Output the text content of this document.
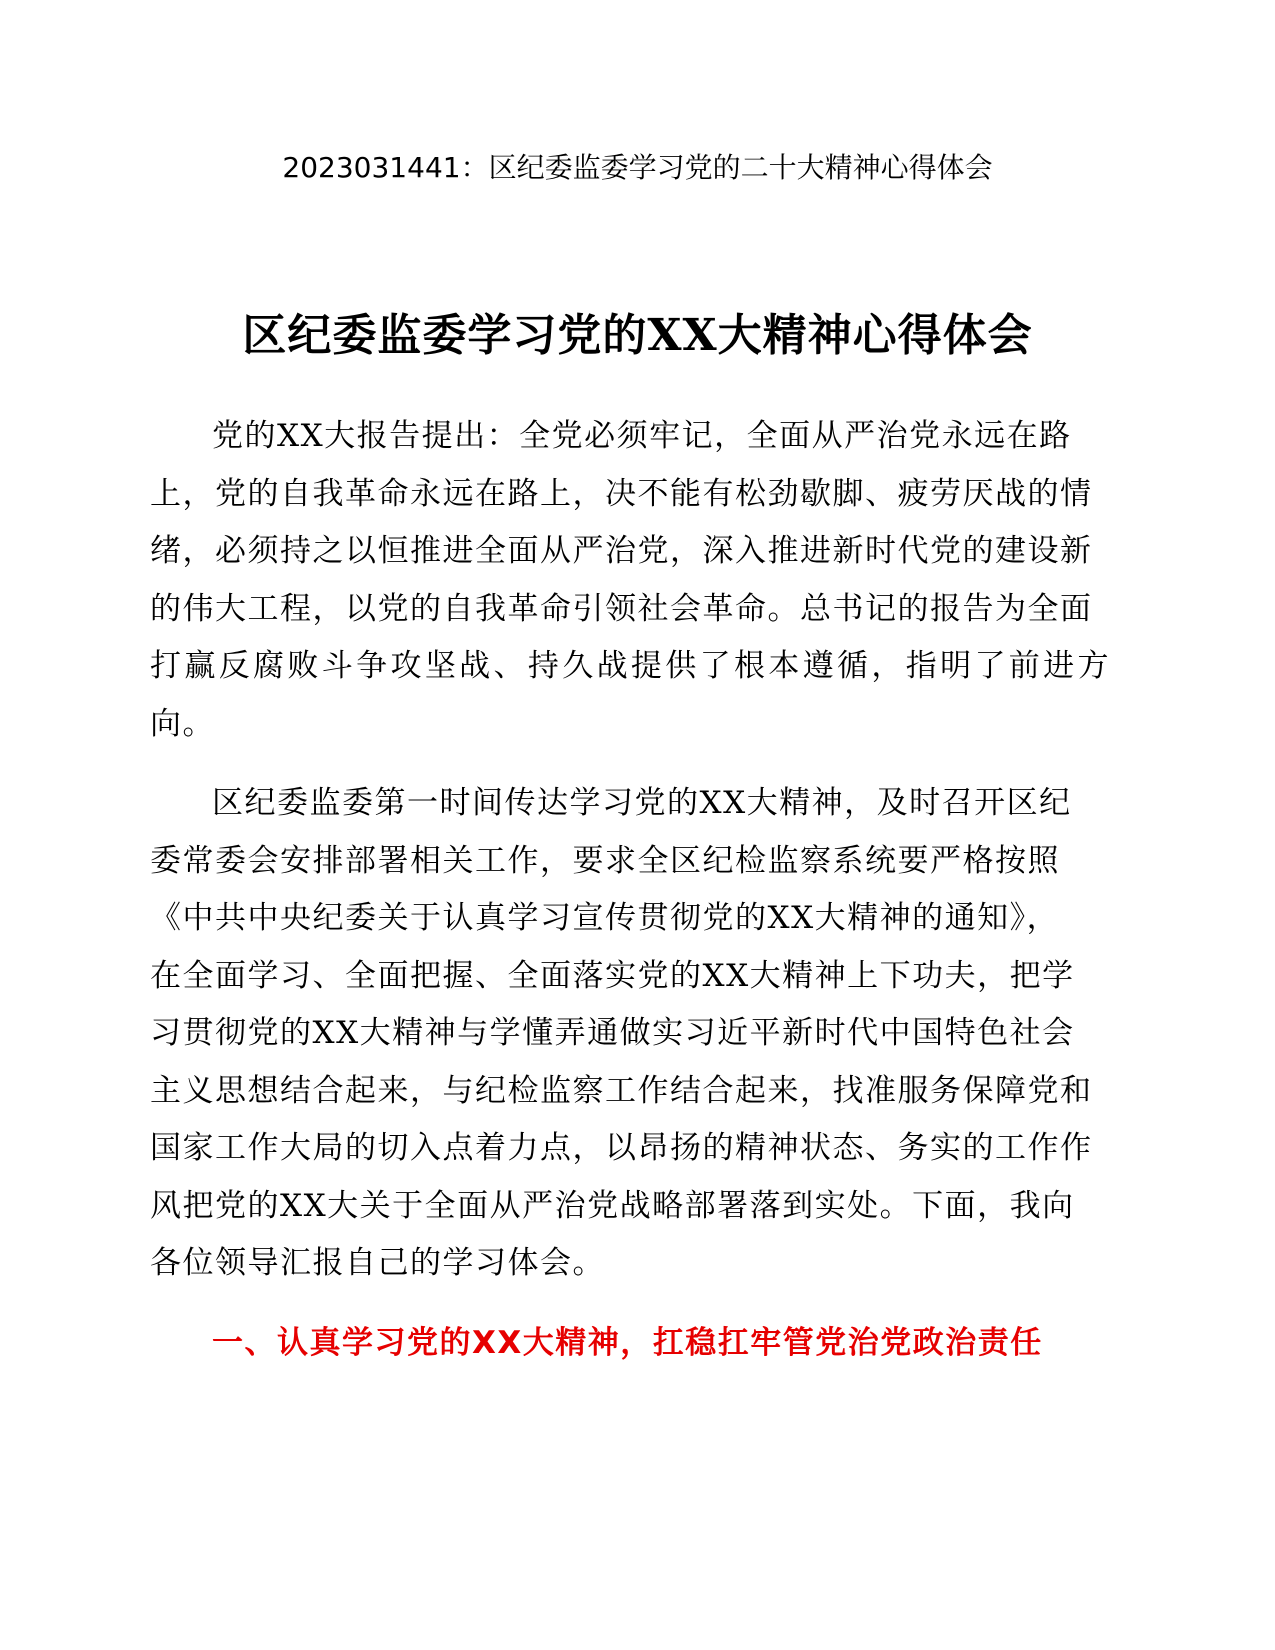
2023031441：区纪委监委学习党的二十大精神心得体会
区纪委监委学习党的XX大精神心得体会

党的XX大报告提出：全党必须牢记，全面从严治党永远在路
上，党的自我革命永远在路上，决不能有松劲歇脚、疲劳厌战的情
绪，必须持之以恒推进全面从严治党，深入推进新时代党的建设新
的伟大工程，以党的自我革命引领社会革命。总书记的报告为全面
打赢反腐败斗争攻坚战、持久战提供了根本遵循，指明了前进方向。

区纪委监委第一时间传达学习党的XX大精神，及时召开区纪
委常委会安排部署相关工作，要求全区纪检监察系统要严格按照
《中共中央纪委关于认真学习宣传贯彻党的XX大精神的通知》，
在全面学习、全面把握、全面落实党的XX大精神上下功夫，把学
习贯彻党的XX大精神与学懂弄通做实习近平新时代中国特色社会
主义思想结合起来，与纪检监察工作结合起来，找准服务保障党和
国家工作大局的切入点着力点，以昂扬的精神状态、务实的工作作
风把党的XX大关于全面从严治党战略部署落到实处。下面，我向
各位领导汇报自己的学习体会。

一、认真学习党的XX大精神，扛稳扛牢管党治党政治责任
